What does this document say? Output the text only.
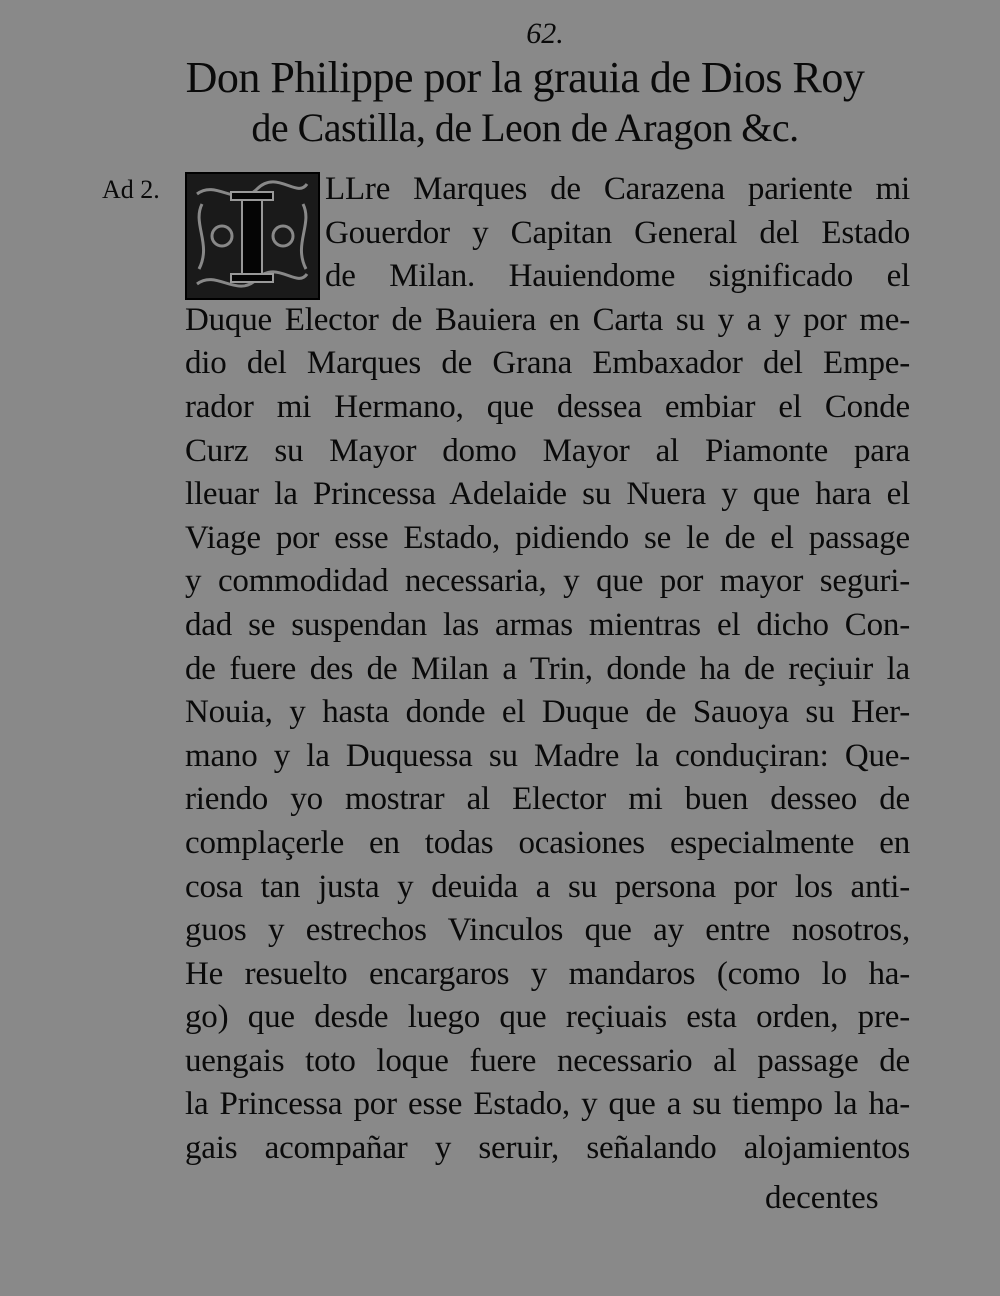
62.
Don Philippe por la grauia de Dios Roy
de Castilla, de Leon de Aragon &c.
Ad 2.	LLre Marques de Carazena pariente mi
Gouerdor y Capitan General del Estado
de Milan. Hauiendome significado el
Duque Elector de Bauiera en Carta su y a y por me-
dio del Marques de Grana Embaxador del Empe-
rador mi Hermano, que dessea embiar el Conde
Curz su Mayor domo Mayor al Piamonte para
lleuar la Princessa Adelaide su Nuera y que hara el
Viage por esse Estado, pidiendo se le de el passage
y commodidad necessaria, y que por mayor seguri-
dad se suspendan las armas mientras el dicho Con-
de fuere des de Milan a Trin, donde ha de reçiuir la
Nouia, y hasta donde el Duque de Sauoya su Her-
mano y la Duquessa su Madre la conduçiran: Que-
riendo yo mostrar al Elector mi buen desseo de
complaçerle en todas ocasiones especialmente en
cosa tan justa y deuida a su persona por los anti-
guos y estrechos Vinculos que ay entre nosotros,
He resuelto encargaros y mandaros (como lo ha-
go) que desde luego que reçiuais esta orden, pre-
uengais toto loque fuere necessario al passage de
la Princessa por esse Estado, y que a su tiempo la ha-
gais acompañar y seruir, señalando alojamientos
decentes
